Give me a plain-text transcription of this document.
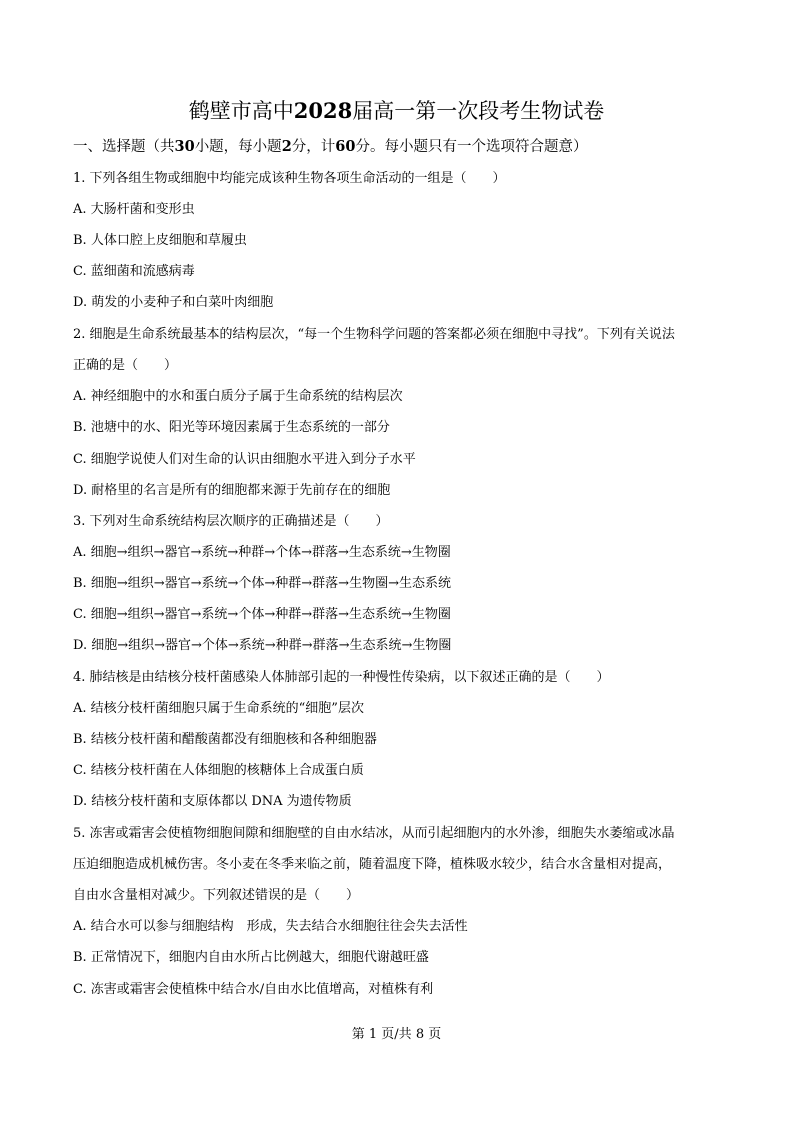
鹤壁市高中2028届高一第一次段考生物试卷
一、选择题（共30小题，每小题2分，计60分。每小题只有一个选项符合题意）
1. 下列各组生物或细胞中均能完成该种生物各项生命活动的一组是（　　）
A. 大肠杆菌和变形虫
B. 人体口腔上皮细胞和草履虫
C. 蓝细菌和流感病毒
D. 萌发的小麦种子和白菜叶肉细胞
2. 细胞是生命系统最基本的结构层次，“每一个生物科学问题的答案都必须在细胞中寻找”。下列有关说法
正确的是（　　）
A. 神经细胞中的水和蛋白质分子属于生命系统的结构层次
B. 池塘中的水、阳光等环境因素属于生态系统的一部分
C. 细胞学说使人们对生命的认识由细胞水平进入到分子水平
D. 耐格里的名言是所有的细胞都来源于先前存在的细胞
3. 下列对生命系统结构层次顺序的正确描述是（　　）
A. 细胞→组织→器官→系统→种群→个体→群落→生态系统→生物圈
B. 细胞→组织→器官→系统→个体→种群→群落→生物圈→生态系统
C. 细胞→组织→器官→系统→个体→种群→群落→生态系统→生物圈
D. 细胞→组织→器官→个体→系统→种群→群落→生态系统→生物圈
4. 肺结核是由结核分枝杆菌感染人体肺部引起的一种慢性传染病，以下叙述正确的是（　　）
A. 结核分枝杆菌细胞只属于生命系统的“细胞”层次
B. 结核分枝杆菌和醋酸菌都没有细胞核和各种细胞器
C. 结核分枝杆菌在人体细胞的核糖体上合成蛋白质
D. 结核分枝杆菌和支原体都以 DNA 为遗传物质
5. 冻害或霜害会使植物细胞间隙和细胞壁的自由水结冰，从而引起细胞内的水外渗，细胞失水萎缩或冰晶
压迫细胞造成机械伤害。冬小麦在冬季来临之前，随着温度下降，植株吸水较少，结合水含量相对提高，
自由水含量相对减少。下列叙述错误的是（　　）
A. 结合水可以参与细胞结构　形成，失去结合水细胞往往会失去活性
B. 正常情况下，细胞内自由水所占比例越大，细胞代谢越旺盛
C. 冻害或霜害会使植株中结合水/自由水比值增高，对植株有利
第 1 页/共 8 页
